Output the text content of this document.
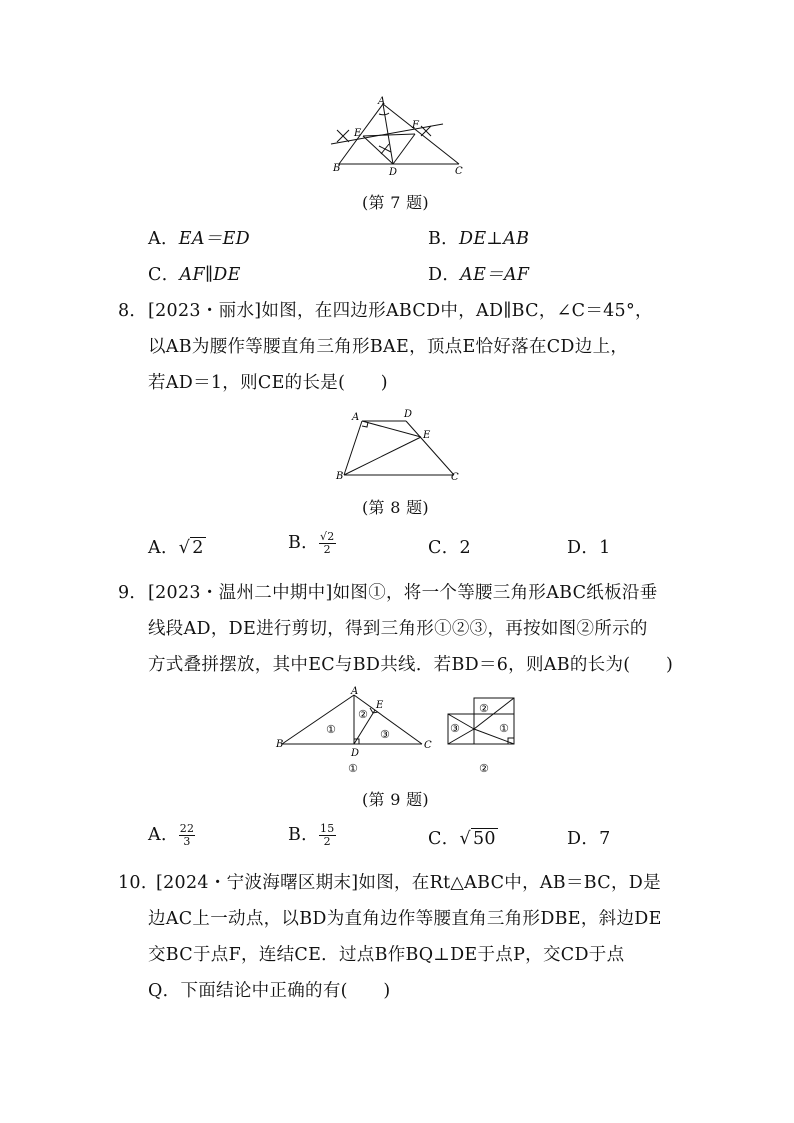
A
B	C
D
E
F
(第 7 题)
A．EA＝ED	B．DE⊥AB
C．AF∥DE	D．AE＝AF
8． [2023・丽水]如图，在四边形ABCD中，AD∥BC，∠C＝45°，
以AB为腰作等腰直角三角形BAE，顶点E恰好落在CD边上，
若AD＝1，则CE的长是(　　)
A	D
E
B	C
(第 8 题)
A．√ 2	B． $\frac{√2}{2}$	C．2	D．1
9． [2023・温州二中期中]如图①，将一个等腰三角形ABC纸板沿垂
线段AD，DE进行剪切，得到三角形①②③，再按如图②所示的
方式叠拼摆放，其中EC与BD共线．若BD＝6，则AB的长为(　　)
A
B	C
D
E
①
②
③	③
②
①
①	②
(第 9 题)
A． $\frac{22}{3}$	B． $\frac{15}{2}$	C．√ 50	D．7
10．
[2024・宁波海曙区期末]如图，在Rt△ABC中，AB＝BC，D是
边AC上一动点，以BD为直角边作等腰直角三角形DBE，斜边DE
交BC于点F，连结CE．过点B作BQ⊥DE于点P，交CD于点
Q．下面结论中正确的有(　　)
